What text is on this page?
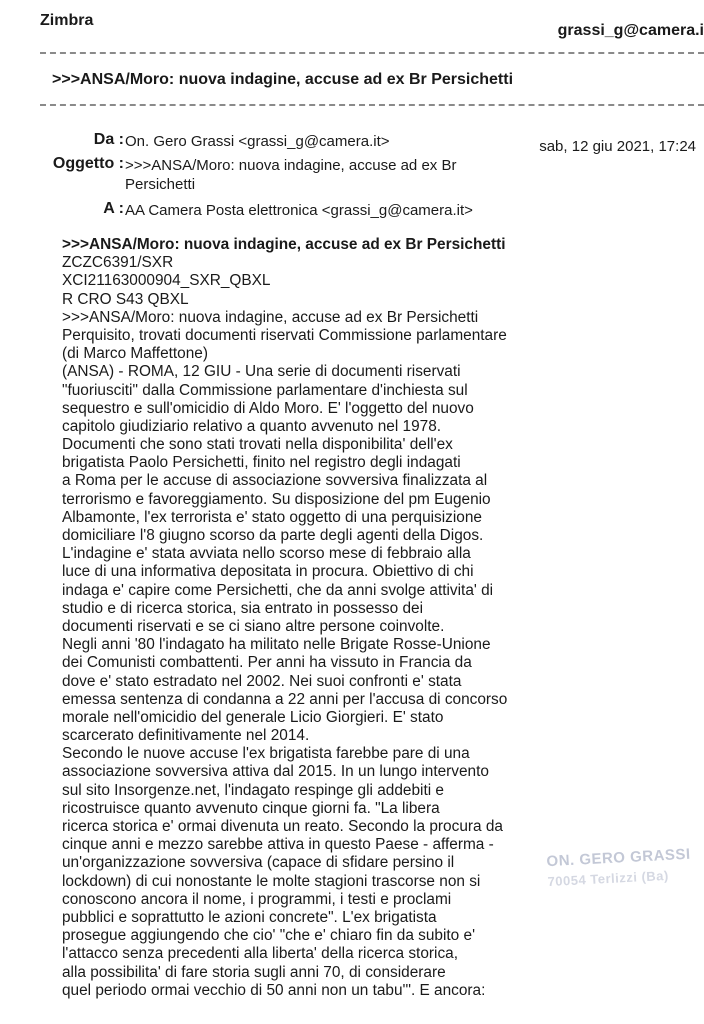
Zimbra
grassi_g@camera.i
>>>ANSA/Moro: nuova indagine, accuse ad ex Br Persichetti
Da : On. Gero Grassi <grassi_g@camera.it>	sab, 12 giu 2021, 17:24
Oggetto : >>>ANSA/Moro: nuova indagine, accuse ad ex Br
Persichetti
A : AA Camera Posta elettronica <grassi_g@camera.it>
>>>ANSA/Moro: nuova indagine, accuse ad ex Br Persichetti
ZCZC6391/SXR
XCI21163000904_SXR_QBXL
R CRO S43 QBXL
>>>ANSA/Moro: nuova indagine, accuse ad ex Br Persichetti
Perquisito, trovati documenti riservati Commissione parlamentare
(di Marco Maffettone)
(ANSA) - ROMA, 12 GIU - Una serie di documenti riservati
"fuoriusciti" dalla Commissione parlamentare d'inchiesta sul
sequestro e sull'omicidio di Aldo Moro. E' l'oggetto del nuovo
capitolo giudiziario relativo a quanto avvenuto nel 1978.
Documenti che sono stati trovati nella disponibilita' dell'ex
brigatista Paolo Persichetti, finito nel registro degli indagati
a Roma per le accuse di associazione sovversiva finalizzata al
terrorismo e favoreggiamento. Su disposizione del pm Eugenio
Albamonte, l'ex terrorista e' stato oggetto di una perquisizione
domiciliare l'8 giugno scorso da parte degli agenti della Digos.
L'indagine e' stata avviata nello scorso mese di febbraio alla
luce di una informativa depositata in procura. Obiettivo di chi
indaga e' capire come Persichetti, che da anni svolge attivita' di
studio e di ricerca storica, sia entrato in possesso dei
documenti riservati e se ci siano altre persone coinvolte.
Negli anni '80 l'indagato ha militato nelle Brigate Rosse-Unione
dei Comunisti combattenti. Per anni ha vissuto in Francia da
dove e' stato estradato nel 2002. Nei suoi confronti e' stata
emessa sentenza di condanna a 22 anni per l'accusa di concorso
morale nell'omicidio del generale Licio Giorgieri. E' stato
scarcerato definitivamente nel 2014.
Secondo le nuove accuse l'ex brigatista farebbe pare di una
associazione sovversiva attiva dal 2015. In un lungo intervento
sul sito Insorgenze.net, l'indagato respinge gli addebiti e
ricostruisce quanto avvenuto cinque giorni fa. "La libera
ricerca storica e' ormai divenuta un reato. Secondo la procura da
cinque anni e mezzo sarebbe attiva in questo Paese - afferma -
un'organizzazione sovversiva (capace di sfidare persino il
lockdown) di cui nonostante le molte stagioni trascorse non si
conoscono ancora il nome, i programmi, i testi e proclami
pubblici e soprattutto le azioni concrete". L'ex brigatista
prosegue aggiungendo che cio' "che e' chiaro fin da subito e'
l'attacco senza precedenti alla liberta' della ricerca storica,
alla possibilita' di fare storia sugli anni 70, di considerare
quel periodo ormai vecchio di 50 anni non un tabu'". E ancora:
ON. GERO GRASSI
70054 Terlizzi (Ba)
